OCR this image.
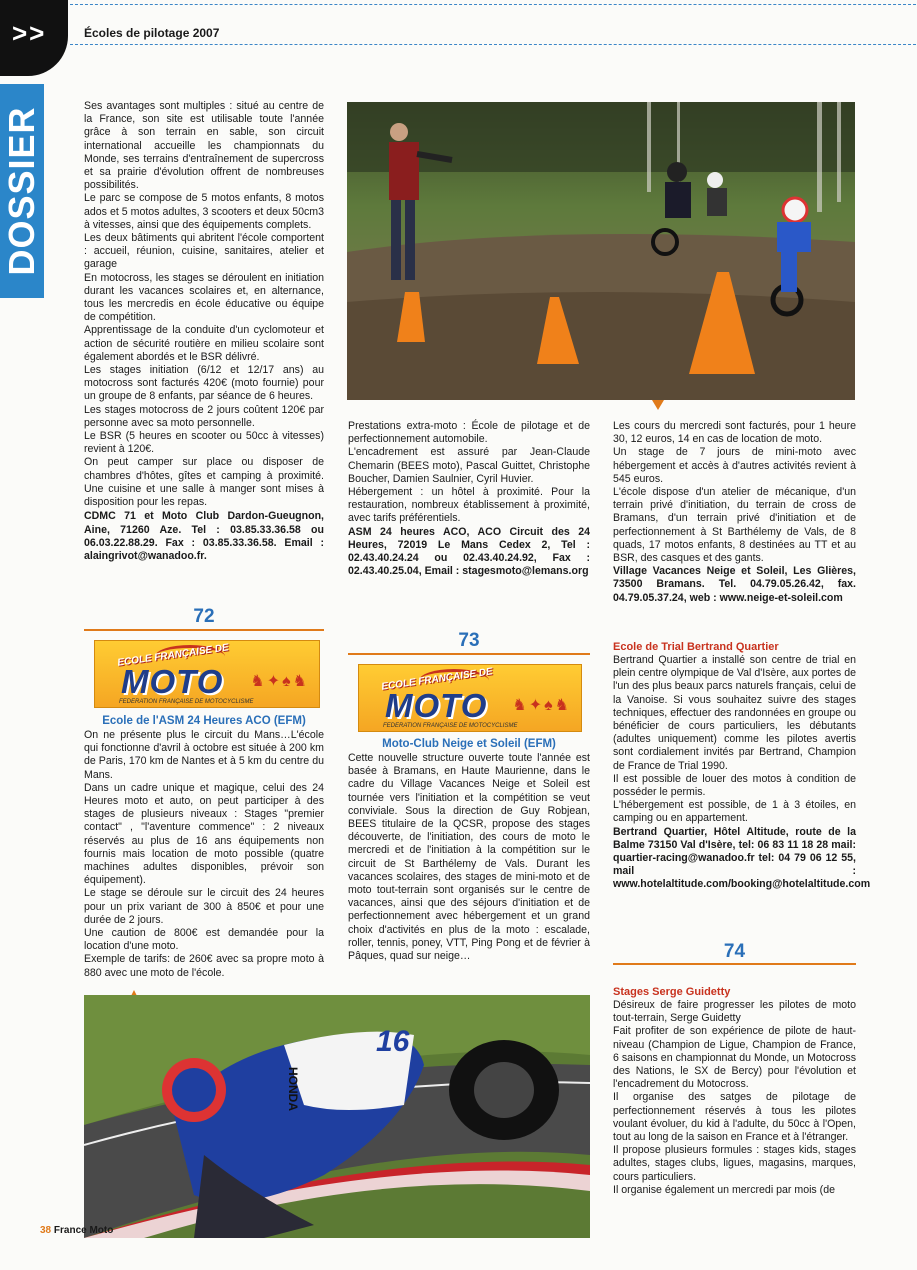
>>	Écoles de pilotage 2007
DOSSIER

Ses avantages sont multiples : situé au centre de la France, son site est utilisable toute l'année grâce à son terrain en sable, son circuit international accueille les championnats du Monde, ses terrains d'entraînement de supercross et sa prairie d'évolution offrent de nombreuses possibilités.

Le parc se compose de 5 motos enfants, 8 motos ados et 5 motos adultes, 3 scooters et deux 50cm3 à vitesses, ainsi que des équipements complets.

Les deux bâtiments qui abritent l'école comportent : accueil, réunion, cuisine, sanitaires, atelier et garage

En motocross, les stages se déroulent en initiation durant les vacances scolaires et, en alternance, tous les mercredis en école éducative ou équipe de compétition.

Apprentissage de la conduite d'un cyclomoteur et action de sécurité routière en milieu scolaire sont également abordés et le BSR délivré.

Les stages initiation (6/12 et 12/17 ans) au motocross sont facturés 420€ (moto fournie) pour un groupe de 8 enfants, par séance de 6 heures.

Les stages motocross de 2 jours coûtent 120€ par personne avec sa moto personnelle.

Le BSR (5 heures en scooter ou 50cc à vitesses) revient à 120€.

On peut camper sur place ou disposer de chambres d'hôtes, gîtes et camping à proximité. Une cuisine et une salle à manger sont mises à disposition pour les repas.

CDMC 71 et Moto Club Dardon-Gueugnon, Aine, 71260 Aze. Tel : 03.85.33.36.58 ou 06.03.22.88.29. Fax : 03.85.33.36.58. Email : alaingrivot@wanadoo.fr.

72
ECOLE FRANÇAISE DE
MOTO
FEDERATION FRANÇAISE DE MOTOCYCLISME
♞✦♠♞
Ecole de l'ASM 24 Heures ACO (EFM)

On ne présente plus le circuit du Mans…L'école qui fonctionne d'avril à octobre est située à 200 km de Paris, 170 km de Nantes et à 5 km du centre du Mans.

Dans un cadre unique et magique, celui des 24 Heures moto et auto, on peut participer à des stages de plusieurs niveaux : Stages "premier contact" , "l'aventure commence" : 2 niveaux réservés au plus de 16 ans équipements non fournis mais location de moto possible (quatre machines adultes disponibles, prévoir son équipement).

Le stage se déroule sur le circuit des 24 heures pour un prix variant de 300 à 850€ et pour une durée de 2 jours.

Une caution de 800€ est demandée pour la location d'une moto.

Exemple de tarifs: de 260€ avec sa propre moto à 880 avec une moto de l'école.

Prestations extra-moto : École de pilotage et de perfectionnement automobile.

L'encadrement est assuré par Jean-Claude Chemarin (BEES moto), Pascal Guittet, Christophe Boucher, Damien Saulnier, Cyril Huvier.

Hébergement : un hôtel à proximité. Pour la restauration, nombreux établissement à proximité, avec tarifs préférentiels.

ASM 24 heures ACO, ACO Circuit des 24 Heures, 72019 Le Mans Cedex 2, Tel : 02.43.40.24.24 ou 02.43.40.24.92, Fax : 02.43.40.25.04, Email : stagesmoto@lemans.org

73
ECOLE FRANÇAISE DE
MOTO
FEDERATION FRANÇAISE DE MOTOCYCLISME
♞✦♠♞
Moto-Club Neige et Soleil (EFM)

Cette nouvelle structure ouverte toute l'année est basée à Bramans, en Haute Maurienne, dans le cadre du Village Vacances Neige et Soleil est tournée vers l'initiation et la compétition se veut conviviale. Sous la direction de Guy Robjean, BEES titulaire de la QCSR, propose des stages découverte, de l'initiation, des cours de moto le mercredi et de l'initiation à la compétition sur le circuit de St Barthélemy de Vals. Durant les vacances scolaires, des stages de mini-moto et de moto tout-terrain sont organisés sur le centre de vacances, ainsi que des séjours d'initiation et de perfectionnement avec hébergement et un grand choix d'activités en plus de la moto : escalade, roller, tennis, poney, VTT, Ping Pong et de février à Pâques, quad sur neige…

Les cours du mercredi sont facturés, pour 1 heure 30, 12 euros, 14 en cas de location de moto.

Un stage de 7 jours de mini-moto avec hébergement et accès à d'autres activités revient à 545 euros.

L'école dispose d'un atelier de mécanique, d'un terrain privé d'initiation, du terrain de cross de Bramans, d'un terrain privé d'initiation et de perfectionnement à St Barthélemy de Vals, de 8 quads, 17 motos enfants, 8 destinées au TT et au BSR, des casques et des gants.

Village Vacances Neige et Soleil, Les Glières, 73500 Bramans. Tel. 04.79.05.26.42, fax. 04.79.05.37.24, web : www.neige-et-soleil.com

Ecole de Trial Bertrand Quartier

Bertrand Quartier a installé son centre de trial en plein centre olympique de Val d'Isère, aux portes de l'un des plus beaux parcs naturels français, celui de la Vanoise. Si vous souhaitez suivre des stages techniques, effectuer des randonnées en groupe ou bénéficier de cours particuliers, les débutants (adultes uniquement) comme les pilotes avertis sont cordialement invités par Bertrand, Champion de France de Trial 1990.

Il est possible de louer des motos à condition de posséder le permis.

L'hébergement est possible, de 1 à 3 étoiles, en camping ou en appartement.

Bertrand Quartier, Hôtel Altitude, route de la Balme 73150 Val d'Isère, tel: 06 83 11 18 28 mail: quartier-racing@wanadoo.fr tel: 04 79 06 12 55, mail : www.hotelaltitude.com/booking@hotelaltitude.com

74
Stages Serge Guidetty

Désireux de faire progresser les pilotes de moto tout-terrain, Serge Guidetty

Fait profiter de son expérience de pilote de haut-niveau (Champion de Ligue, Champion de France, 6 saisons en championnat du Monde, un Motocross des Nations, le SX de Bercy) pour l'évolution et l'encadrement du Motocross.

Il organise des satges de pilotage de perfectionnement réservés à tous les pilotes voulant évoluer, du kid à l'adulte, du 50cc à l'Open, tout au long de la saison en France et à l'étranger.

Il propose plusieurs formules : stages kids, stages adultes, stages clubs, ligues, magasins, marques, cours particuliers.

Il organise également un mercredi par mois (de

16
HONDA
38 France Moto
